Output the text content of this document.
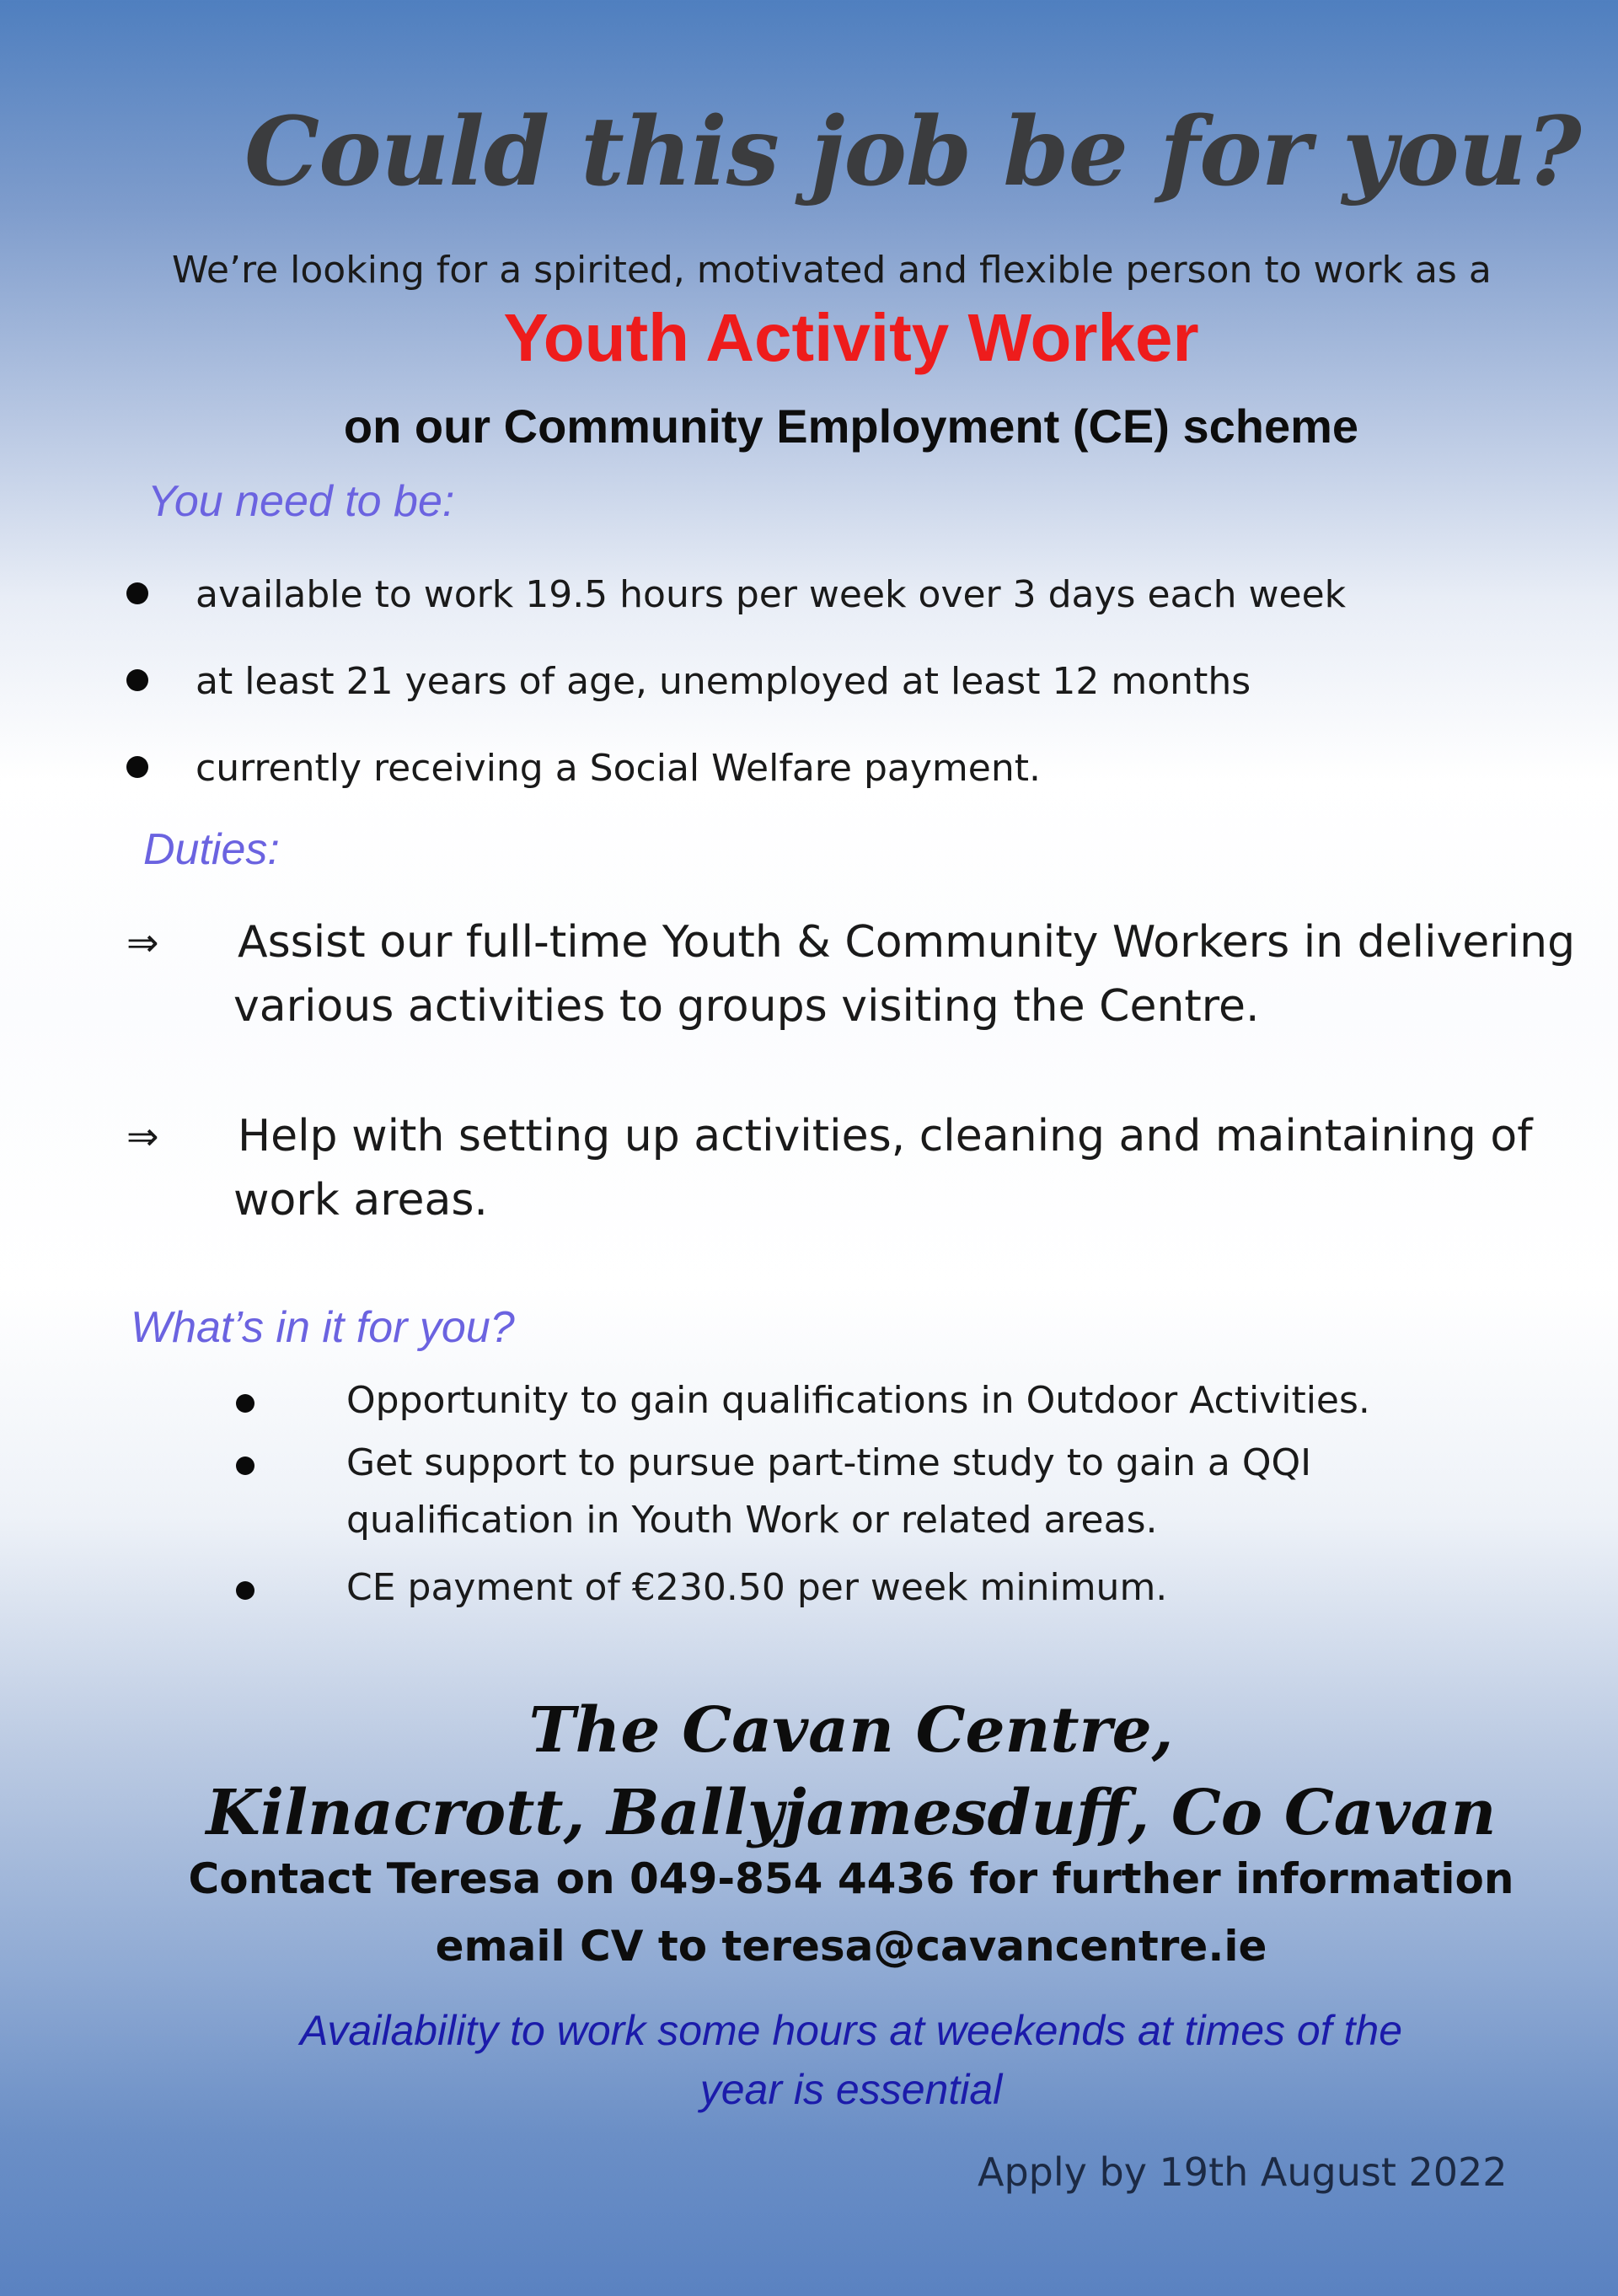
Could this job be for you?
We’re looking for a spirited, motivated and flexible person to work as a
Youth Activity Worker
on our Community Employment (CE) scheme
You need to be:
available to work 19.5 hours per week over 3 days each week
at least 21 years of age, unemployed at least 12 months
currently receiving a Social Welfare payment.
Duties:
⇒ Assist our full-time Youth & Community Workers in delivering
various activities to groups visiting the Centre.
⇒ Help with setting up activities, cleaning and maintaining of
work areas.
What’s in it for you?
Opportunity to gain qualifications in Outdoor Activities.
Get support to pursue part-time study to gain a QQI
qualification in Youth Work or related areas.
CE payment of €230.50 per week minimum.
The Cavan Centre,
Kilnacrott, Ballyjamesduff, Co Cavan
Contact Teresa on 049-854 4436 for further information
email CV to teresa@cavancentre.ie
Availability to work some hours at weekends at times of the
year is essential
Apply by 19th August 2022
